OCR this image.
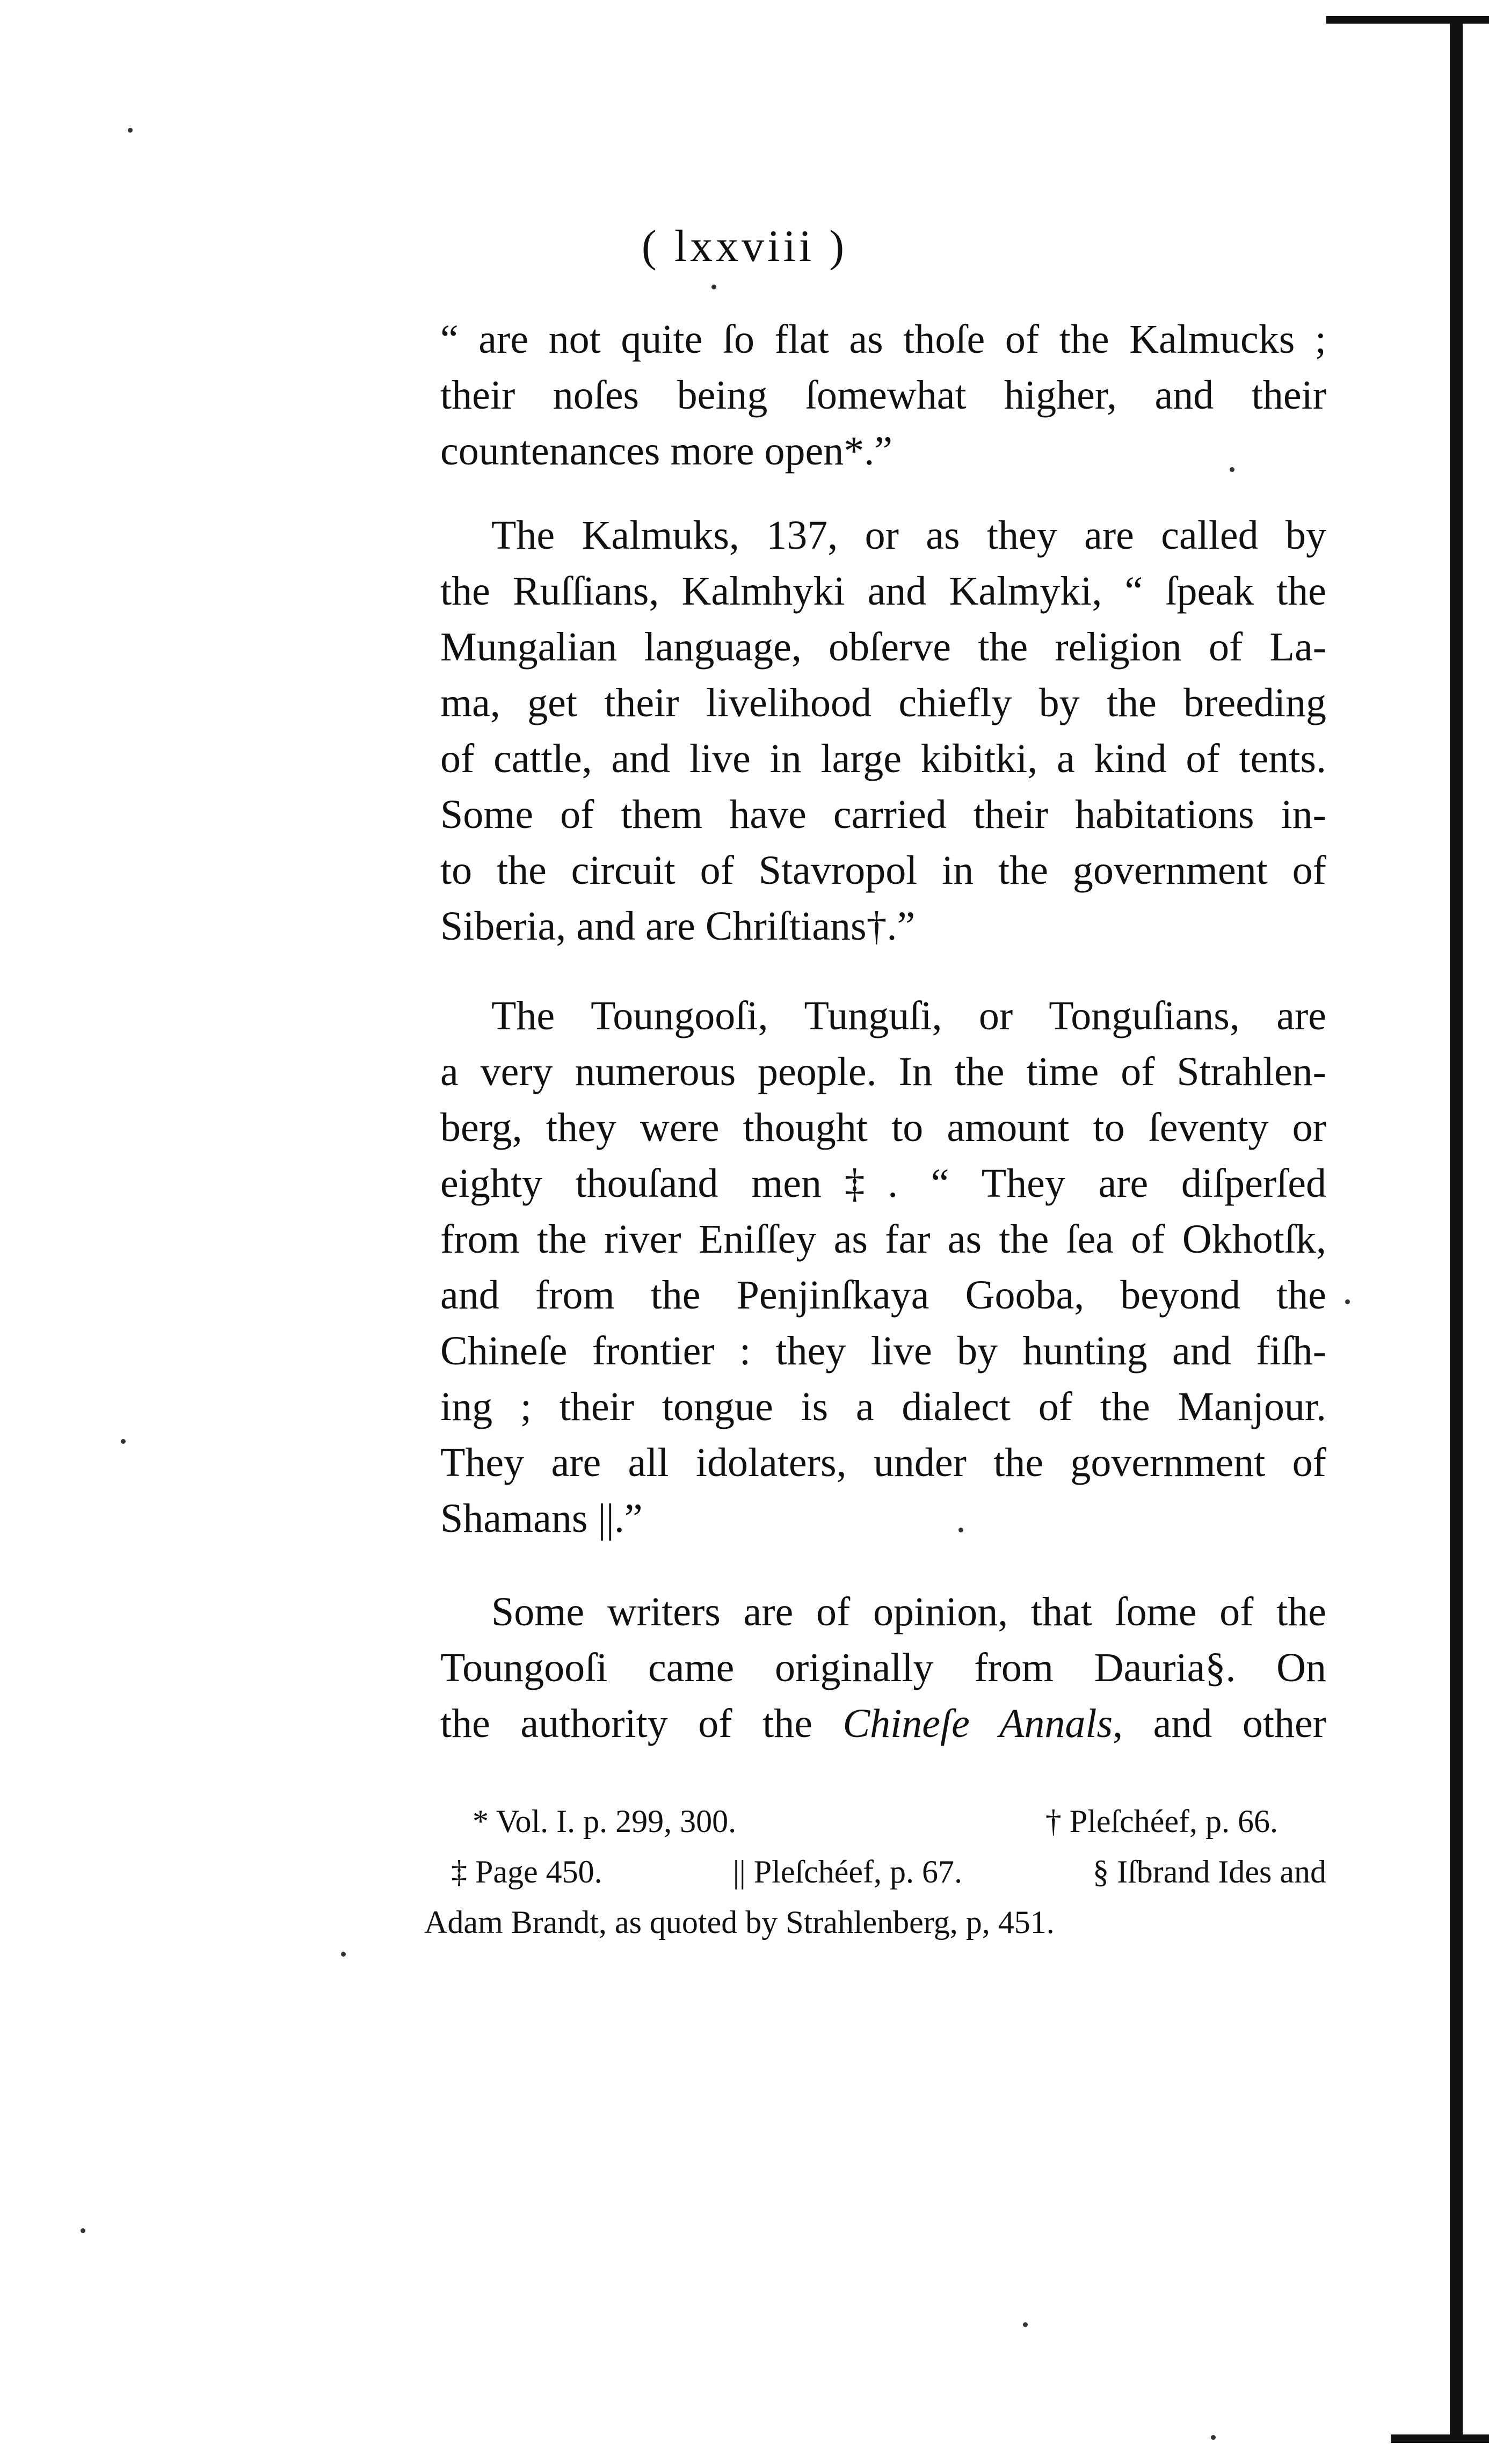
( lxxviii )
“ are not quite ſo flat as thoſe of the Kalmucks ;
their noſes being ſomewhat higher, and their
countenances more open*.”
The Kalmuks, 137, or as they are called by
the Ruſſians, Kalmhyki and Kalmyki, “ ſpeak the
Mungalian language, obſerve the religion of La-
ma, get their livelihood chiefly by the breeding
of cattle, and live in large kibitki, a kind of tents.
Some of them have carried their habitations in-
to the circuit of Stavropol in the government of
Siberia, and are Chriſtians†.”
The Toungooſi, Tunguſi, or Tonguſians, are
a very numerous people. In the time of Strahlen-
berg, they were thought to amount to ſeventy or
eighty thouſand men‡. “ They are diſperſed
from the river Eniſſey as far as the ſea of Okhotſk,
and from the Penjinſkaya Gooba, beyond the
Chineſe frontier : they live by hunting and fiſh-
ing ; their tongue is a dialect of the Manjour.
They are all idolaters, under the government of
Shamans ||.”
Some writers are of opinion, that ſome of the
Toungooſi came originally from Dauria§. On
the authority of the Chineſe Annals, and other
* Vol. I. p. 299, 300.	† Pleſchéef, p. 66.
‡ Page 450.	|| Pleſchéef, p. 67.	§ Iſbrand Ides and
Adam Brandt, as quoted by Strahlenberg, p, 451.
